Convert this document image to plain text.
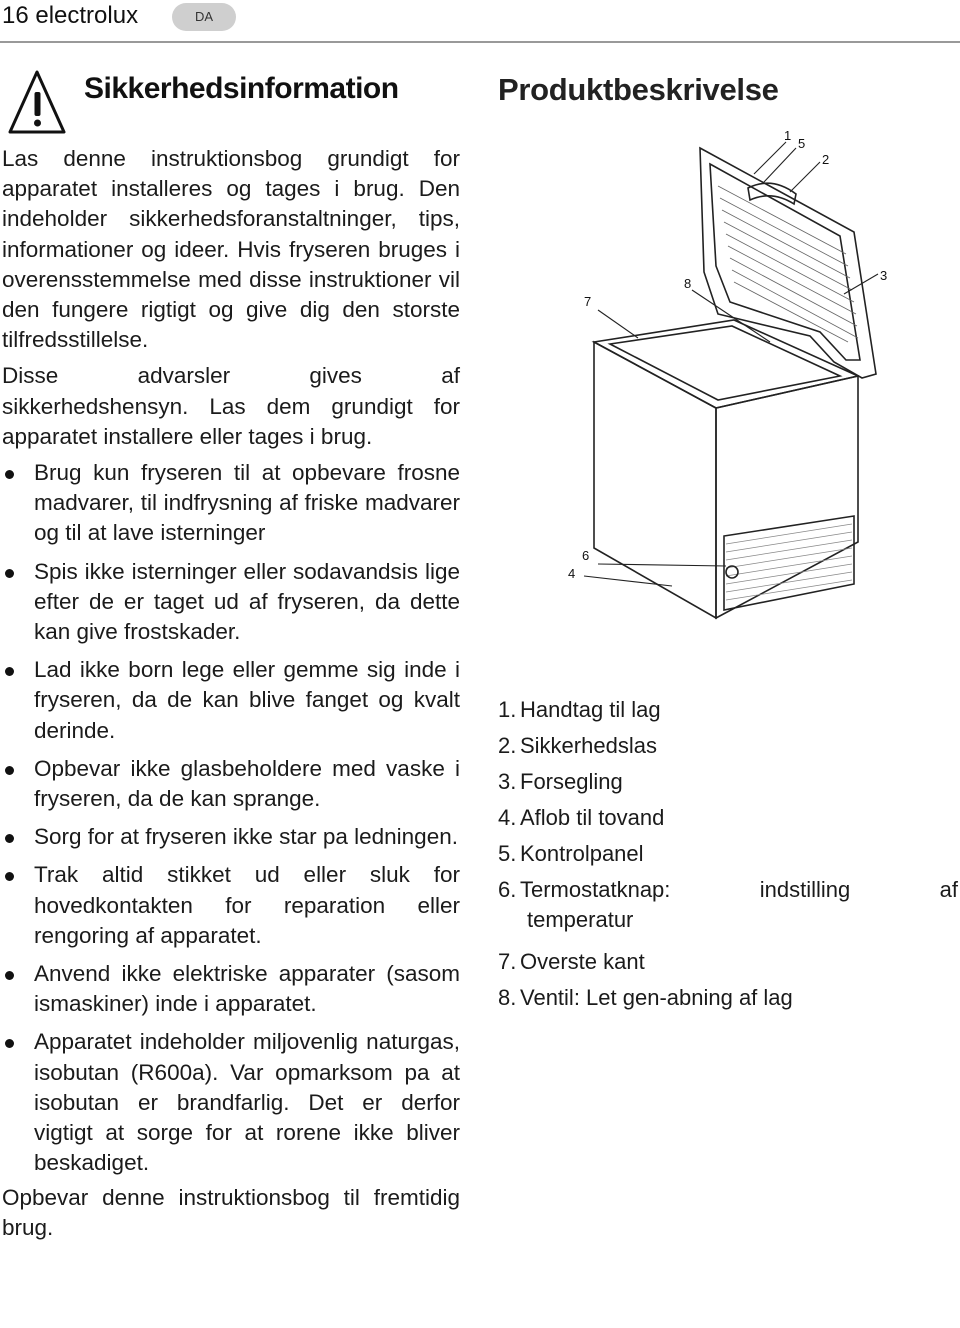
16 electrolux	DA
Sikkerhedsinformation	Produktbeskrivelse

Las denne instruktionsbog grundigt for apparatet installeres og tages i brug. Den indeholder sikkerhedsforanstaltninger, tips, informationer og ideer. Hvis fryseren bruges i overensstemmelse med disse instruktioner vil den fungere rigtigt og give dig den storste tilfredsstillelse.

Disse advarsler gives af

sikkerhedshensyn. Las dem grundigt for apparatet installere eller tages i brug.

Brug kun fryseren til at opbevare frosne madvarer, til indfrysning af friske madvarer og til at lave isterninger
Spis ikke isterninger eller sodavandsis lige efter de er taget ud af fryseren, da dette kan give frostskader.
Lad ikke born lege eller gemme sig inde i fryseren, da de kan blive fanget og kvalt derinde.
Opbevar ikke glasbeholdere med vaske i fryseren, da de kan sprange.
Sorg for at fryseren ikke star pa ledningen.
Trak altid stikket ud eller sluk for hovedkontakten for reparation eller rengoring af apparatet.
Anvend ikke elektriske apparater (sasom ismaskiner) inde i apparatet.
Apparatet indeholder miljovenlig naturgas, isobutan (R600a). Var opmarksom pa at isobutan er brandfarlig. Det er derfor vigtigt at sorge for at rorene ikke bliver beskadiget.

Opbevar denne instruktionsbog til fremtidig brug.

1
5
2
3
7
8
6
4
1. Handtag til lag
2. Sikkerhedslas
3. Forsegling
4. Aflob til tovand
5. Kontrolpanel
6. Termostatknap:	indstilling	af
temperatur
7. Overste kant
8. Ventil: Let gen-abning af lag
